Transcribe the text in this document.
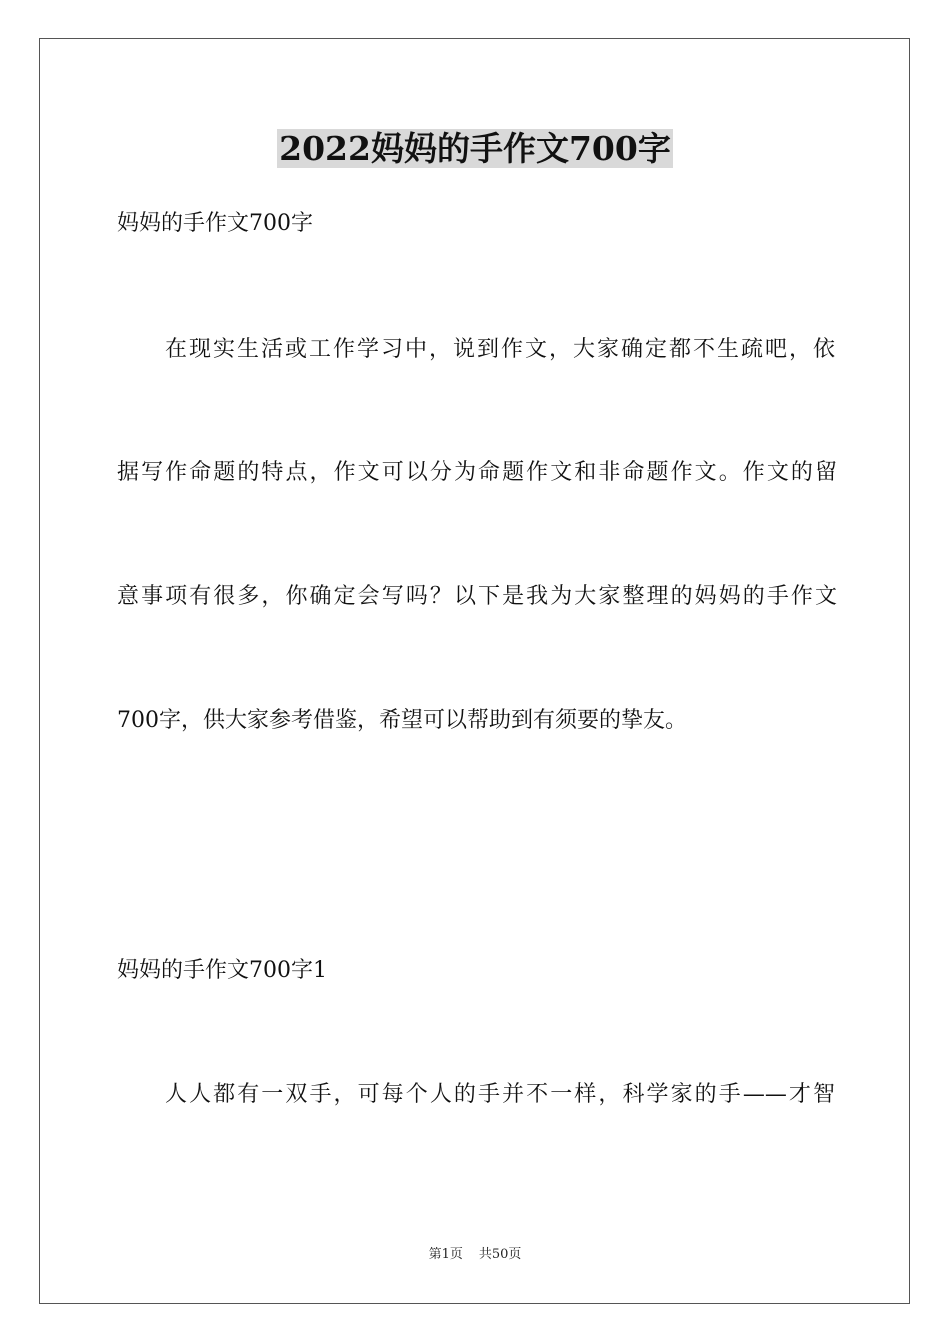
2022妈妈的手作文700字
妈妈的手作文700字
在现实生活或工作学习中，说到作文，大家确定都不生疏吧，依
据写作命题的特点，作文可以分为命题作文和非命题作文。作文的留
意事项有很多，你确定会写吗？以下是我为大家整理的妈妈的手作文
700字，供大家参考借鉴，希望可以帮助到有须要的挚友。
妈妈的手作文700字1
人人都有一双手，可每个人的手并不一样，科学家的手——才智
第1页 共50页
